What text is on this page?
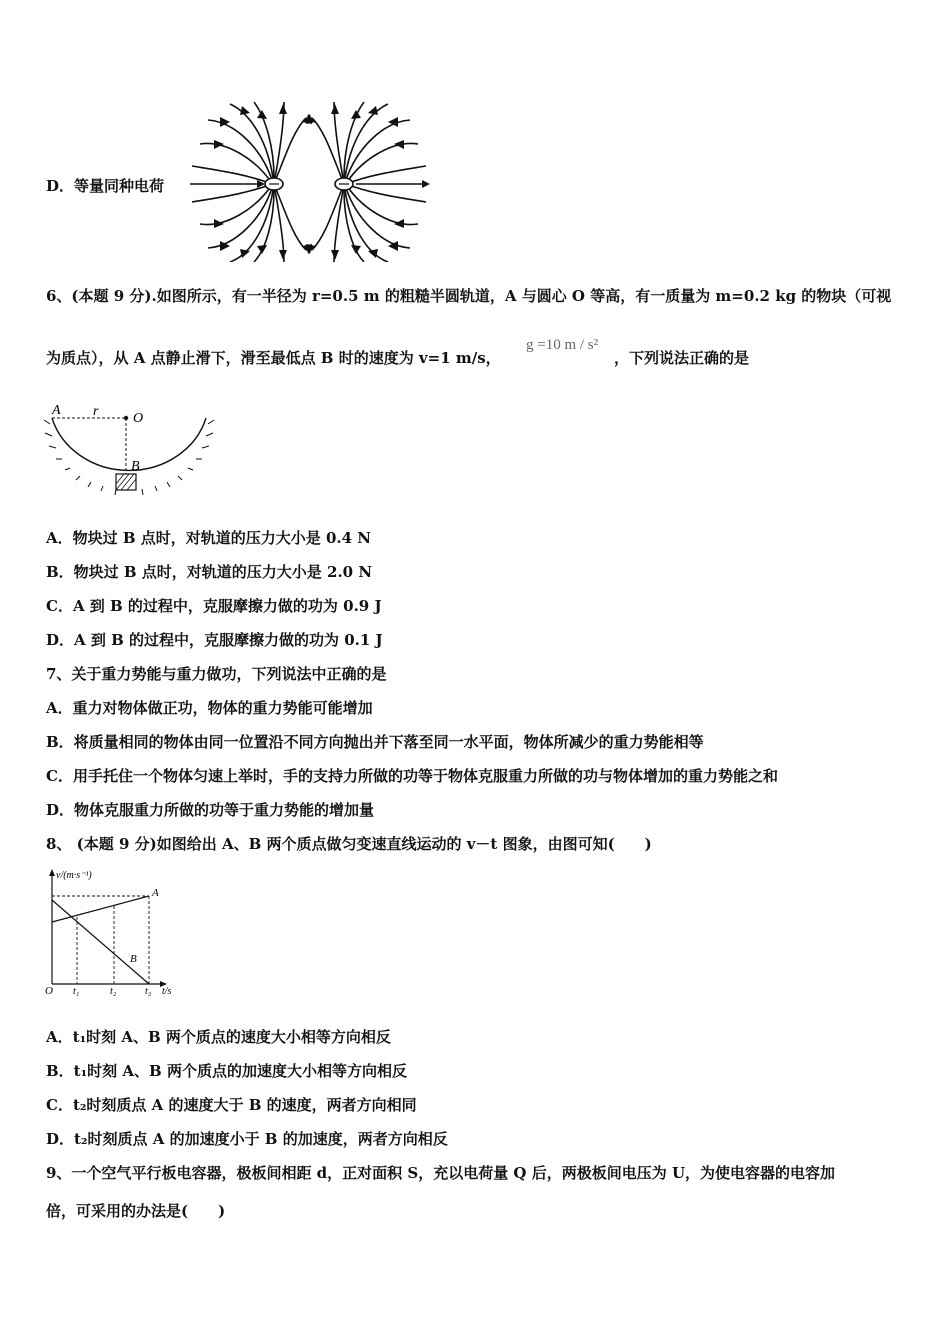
D．等量同种电荷
6、(本题 9 分).如图所示，有一半径为 r=0.5 m 的粗糙半圆轨道，A 与圆心 O 等高，有一质量为 m=0.2 kg 的物块（可视
为质点），从 A 点静止滑下，滑至最低点 B 时的速度为 v=1 m/s，
g =10 m / s²
，下列说法正确的是
A r O
B
A．物块过 B 点时，对轨道的压力大小是 0.4 N
B．物块过 B 点时，对轨道的压力大小是 2.0 N
C．A 到 B 的过程中，克服摩擦力做的功为 0.9 J
D．A 到 B 的过程中，克服摩擦力做的功为 0.1 J
7、关于重力势能与重力做功，下列说法中正确的是
A．重力对物体做正功，物体的重力势能可能增加
B．将质量相同的物体由同一位置沿不同方向抛出并下落至同一水平面，物体所减少的重力势能相等
C．用手托住一个物体匀速上举时，手的支持力所做的功等于物体克服重力所做的功与物体增加的重力势能之和
D．物体克服重力所做的功等于重力势能的增加量
8、 (本题 9 分)如图给出 A、B 两个质点做匀变速直线运动的 v－t 图象，由图可知(　　)
v/(m·s⁻¹)
A
B
O t₁	t₂	t₃ t/s
A．t₁时刻 A、B 两个质点的速度大小相等方向相反
B．t₁时刻 A、B 两个质点的加速度大小相等方向相反
C．t₂时刻质点 A 的速度大于 B 的速度，两者方向相同
D．t₂时刻质点 A 的加速度小于 B 的加速度，两者方向相反
9、一个空气平行板电容器，极板间相距 d，正对面积 S，充以电荷量 Q 后，两极板间电压为 U，为使电容器的电容加
倍，可采用的办法是(　　)
